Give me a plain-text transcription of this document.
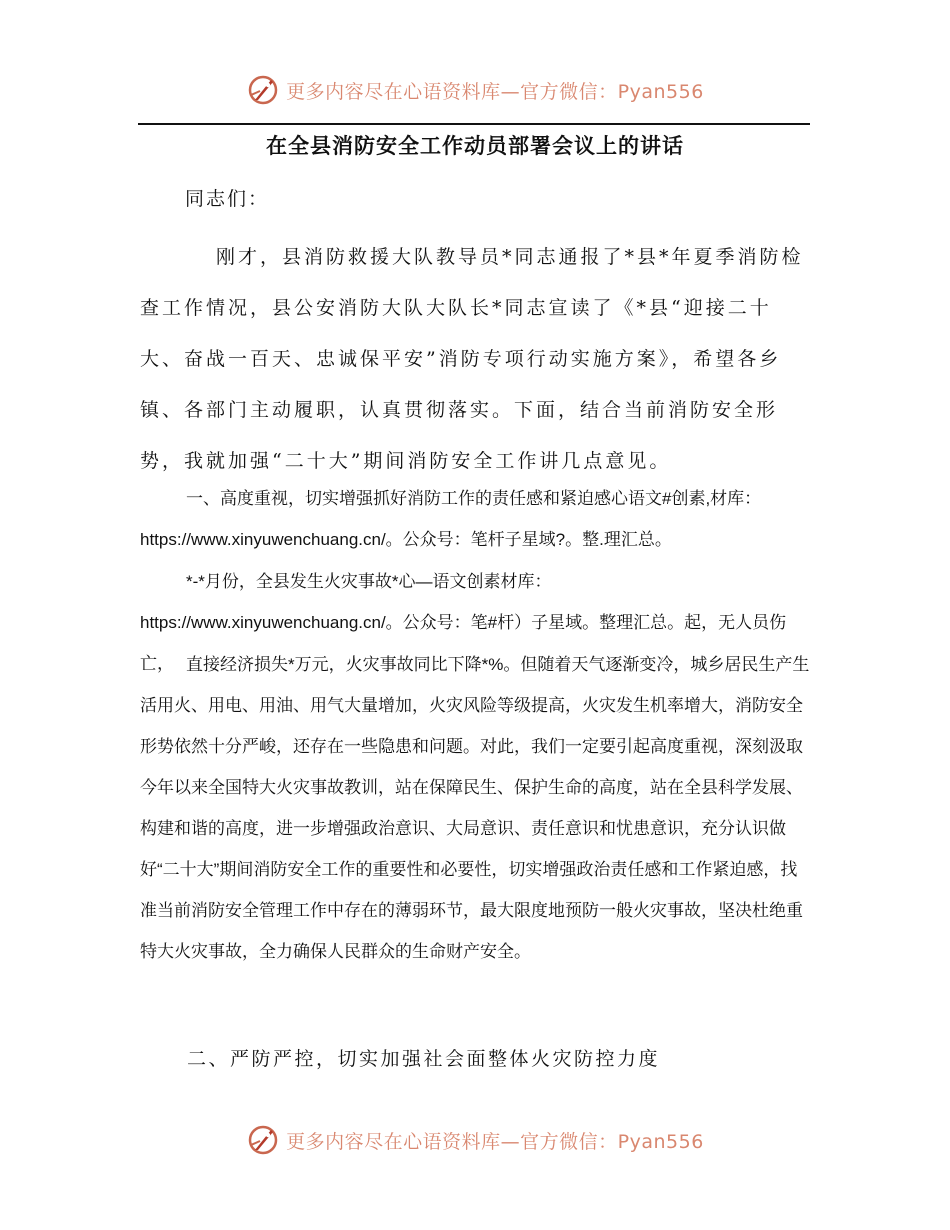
更多内容尽在心语资料库—官方微信：Pyan556
在全县消防安全工作动员部署会议上的讲话
同志们：

刚才，县消防救援大队教导员*同志通报了*县*年夏季消防检查工作情况，县公安消防大队大队长*同志宣读了《*县“迎接二十大、奋战一百天、忠诚保平安”消防专项行动实施方案》，希望各乡镇、各部门主动履职，认真贯彻落实。下面，结合当前消防安全形势，我就加强“二十大”期间消防安全工作讲几点意见。

一、高度重视，切实增强抓好消防工作的责任感和紧迫感心语文#创素,材库：https://www.xinyuwenchuang.cn/。公众号：笔杆子星域?。整.理汇总。

*-*月份，全县发生火灾事故*心—语文创素材库：https://www.xinyuwenchuang.cn/。公众号：笔#杆）子星域。整理汇总。起，无人员伤亡， 直接经济损失*万元，火灾事故同比下降*%。但随着天气逐渐变冷，城乡居民生产生活用火、用电、用油、用气大量增加，火灾风险等级提高，火灾发生机率增大，消防安全形势依然十分严峻，还存在一些隐患和问题。对此，我们一定要引起高度重视，深刻汲取今年以来全国特大火灾事故教训，站在保障民生、保护生命的高度，站在全县科学发展、构建和谐的高度，进一步增强政治意识、大局意识、责任意识和忧患意识，充分认识做好“二十大”期间消防安全工作的重要性和必要性，切实增强政治责任感和工作紧迫感，找准当前消防安全管理工作中存在的薄弱环节，最大限度地预防一般火灾事故，坚决杜绝重特大火灾事故，全力确保人民群众的生命财产安全。

二、严防严控，切实加强社会面整体火灾防控力度
更多内容尽在心语资料库—官方微信：Pyan556
